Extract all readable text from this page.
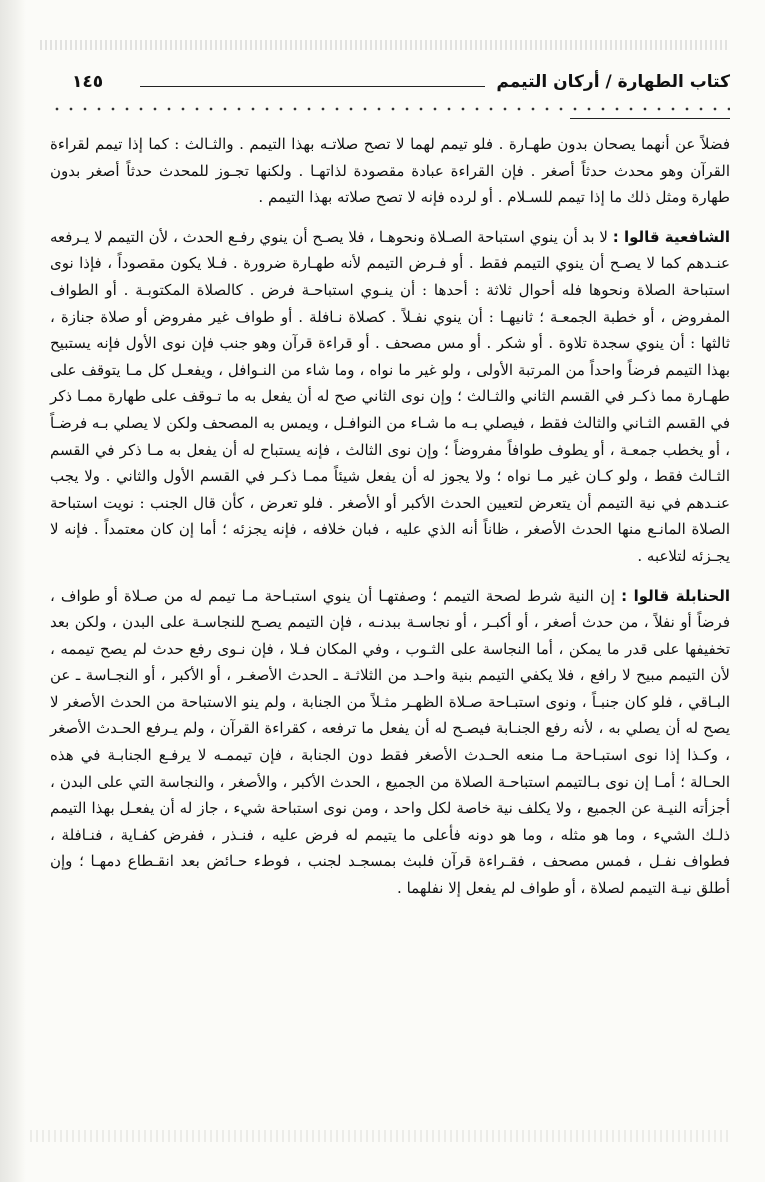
كتاب الطهارة / أركان التيمم
١٤٥

فضلاً عن أنهما يصحان بدون طهـارة . فلو تيمم لهما لا تصح صلاتـه بهذا التيمم . والثـالث : كما إذا تيمم لقراءة القرآن وهو محدث حدثاً أصغر . فإن القراءة عبادة مقصودة لذاتهـا . ولكنها تجـوز للمحدث حدثاً أصغر بدون طهارة ومثل ذلك ما إذا تيمم للسـلام . أو لرده فإنه لا تصح صلاته بهذا التيمم .

الشافعية قالوا : لا بد أن ينوي استباحة الصـلاة ونحوهـا ، فلا يصـح أن ينوي رفـع الحدث ، لأن التيمم لا يـرفعه عنـدهم كما لا يصـح أن ينوي التيمم فقط . أو فـرض التيمم لأنه طهـارة ضرورة . فـلا يكون مقصوداً ، فإذا نوى استباحة الصلاة ونحوها فله أحوال ثلاثة : أحدها : أن ينـوي استباحـة فرض . كالصلاة المكتوبـة . أو الطواف المفروض ، أو خطبة الجمعـة ؛ ثانيهـا : أن ينوي نفـلاً . كصلاة نـافلة . أو طواف غير مفروض أو صلاة جنازة ، ثالثها : أن ينوي سجدة تلاوة . أو شكر . أو مس مصحف . أو قراءة قرآن وهو جنب فإن نوى الأول فإنه يستبيح بهذا التيمم فرضاً واحداً من المرتبة الأولى ، ولو غير ما نواه ، وما شاء من النـوافل ، ويفعـل كل مـا يتوقف على طهـارة مما ذكـر في القسم الثاني والثـالث ؛ وإن نوى الثاني صح له أن يفعل به ما تـوقف على طهارة ممـا ذكر في القسم الثـاني والثالث فقط ، فيصلي بـه ما شـاء من النوافـل ، ويمس به المصحف ولكن لا يصلي بـه فرضـاً ، أو يخطب جمعـة ، أو يطوف طوافاً مفروضاً ؛ وإن نوى الثالث ، فإنه يستباح له أن يفعل به مـا ذكر في القسم الثـالث فقط ، ولو كـان غير مـا نواه ؛ ولا يجوز له أن يفعل شيئاً ممـا ذكـر في القسم الأول والثاني . ولا يجب عنـدهم في نية التيمم أن يتعرض لتعيين الحدث الأكبر أو الأصغر . فلو تعرض ، كأن قال الجنب : نويت استباحة الصلاة المانـع منها الحدث الأصغر ، ظاناً أنه الذي عليه ، فبان خلافه ، فإنه يجزئه ؛ أما إن كان معتمداً . فإنه لا يجـزئه لتلاعبه .

الحنابلة قالوا : إن النية شرط لصحة التيمم ؛ وصفتهـا أن ينوي استبـاحة مـا تيمم له من صـلاة أو طواف ، فرضاً أو نفلاً ، من حدث أصغر ، أو أكبـر ، أو نجاسـة ببدنـه ، فإن التيمم يصـح للنجاسـة على البدن ، ولكن بعد تخفيفها على قدر ما يمكن ، أما النجاسة على الثـوب ، وفي المكان فـلا ، فإن نـوى رفع حدث لم يصح تيممه ، لأن التيمم مبيح لا رافع ، فلا يكفي التيمم بنية واحـد من الثلاثـة ـ الحدث الأصغـر ، أو الأكبر ، أو النجـاسة ـ عن البـاقي ، فلو كان جنبـاً ، ونوى استبـاحة صـلاة الظهـر مثـلاً من الجنابة ، ولم ينو الاستباحة من الحدث الأصغر لا يصح له أن يصلي به ، لأنه رفع الجنـابة فيصـح له أن يفعل ما ترفعه ، كقراءة القرآن ، ولم يـرفع الحـدث الأصغر ، وكـذا إذا نوى استبـاحة مـا منعه الحـدث الأصغر فقط دون الجنابة ، فإن تيممـه لا يرفـع الجنابـة في هذه الحـالة ؛ أمـا إن نوى بـالتيمم استباحـة الصلاة من الجميع ، الحدث الأكبر ، والأصغر ، والنجاسة التي على البدن ، أجزأته النيـة عن الجميع ، ولا يكلف نية خاصة لكل واحد ، ومن نوى استباحة شيء ، جاز له أن يفعـل بهذا التيمم ذلـك الشيء ، وما هو مثله ، وما هو دونه فأعلى ما يتيمم له فرض عليه ، فنـذر ، ففرض كفـاية ، فنـافلة ، فطواف نفـل ، فمس مصحف ، فقـراءة قرآن فلبث بمسجـد لجنب ، فوطء حـائض بعد انقـطاع دمهـا ؛ وإن أطلق نيـة التيمم لصلاة ، أو طواف لم يفعل إلا نفلهما .
